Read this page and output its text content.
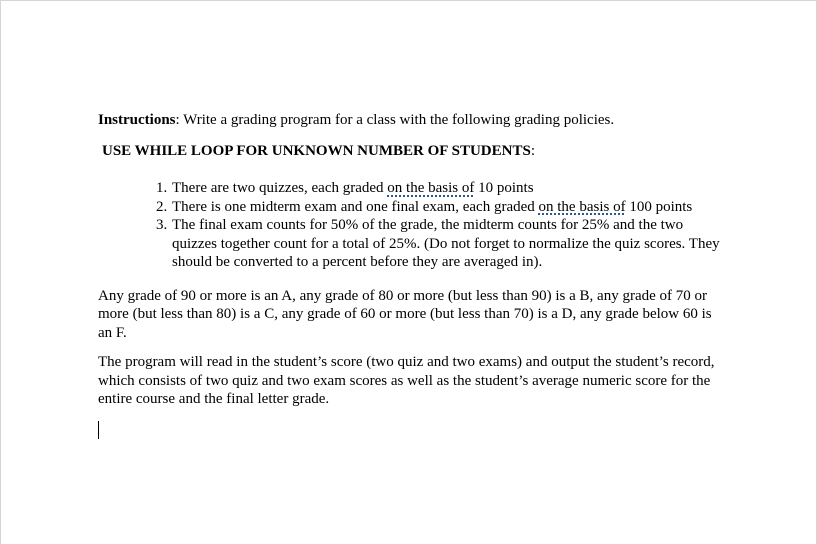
Instructions: Write a grading program for a class with the following grading policies.

USE WHILE LOOP FOR UNKNOWN NUMBER OF STUDENTS:

1. There are two quizzes, each graded on the basis of 10 points
2. There is one midterm exam and one final exam, each graded on the basis of 100 points
3. The final exam counts for 50% of the grade, the midterm counts for 25% and the two quizzes together count for a total of 25%. (Do not forget to normalize the quiz scores. They should be converted to a percent before they are averaged in).

Any grade of 90 or more is an A, any grade of 80 or more (but less than 90) is a B, any grade of 70 or more (but less than 80) is a C, any grade of 60 or more (but less than 70) is a D, any grade below 60 is an F.

The program will read in the student’s score (two quiz and two exams) and output the student’s record, which consists of two quiz and two exam scores as well as the student’s average numeric score for the entire course and the final letter grade.
